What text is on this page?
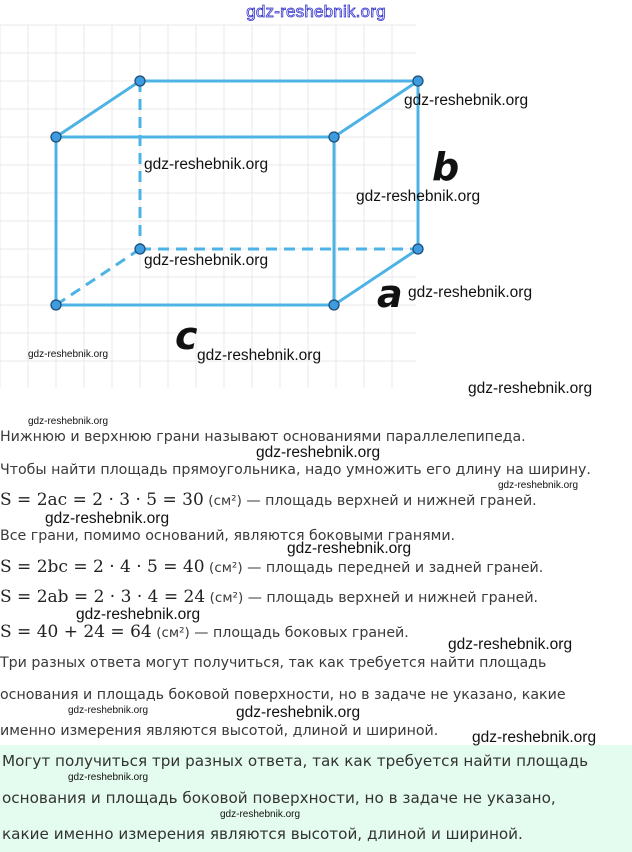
gdz-reshebnik.org
b
a
c
gdz-reshebnik.org
gdz-reshebnik.org
gdz-reshebnik.org
gdz-reshebnik.org
gdz-reshebnik.org
gdz-reshebnik.org	gdz-reshebnik.org
gdz-reshebnik.org
gdz-reshebnik.org
Нижнюю и верхнюю грани называют основаниями параллелепипеда.
gdz-reshebnik.org
Чтобы найти площадь прямоугольника, надо умножить его длину на ширину.
gdz-reshebnik.org
S = 2ac = 2 · 3 · 5 = 30 (см²) — площадь верхней и нижней граней.
gdz-reshebnik.org
Все грани, помимо оснований, являются боковыми гранями.
gdz-reshebnik.org
S = 2bc = 2 · 4 · 5 = 40 (см²) — площадь передней и задней граней.
S = 2ab = 2 · 3 · 4 = 24 (см²) — площадь верхней и нижней граней.
gdz-reshebnik.org
S = 40 + 24 = 64 (см²) — площадь боковых граней.
gdz-reshebnik.org
Три разных ответа могут получиться, так как требуется найти площадь
основания и площадь боковой поверхности, но в задаче не указано, какие
gdz-reshebnik.org	gdz-reshebnik.org
именно измерения являются высотой, длиной и шириной.
Могут получиться три разных ответа, так как требуется найти площадь
основания и площадь боковой поверхности, но в задаче не указано,
какие именно измерения являются высотой, длиной и шириной.
gdz-reshebnik.org
gdz-reshebnik.org
gdz-reshebnik.org
